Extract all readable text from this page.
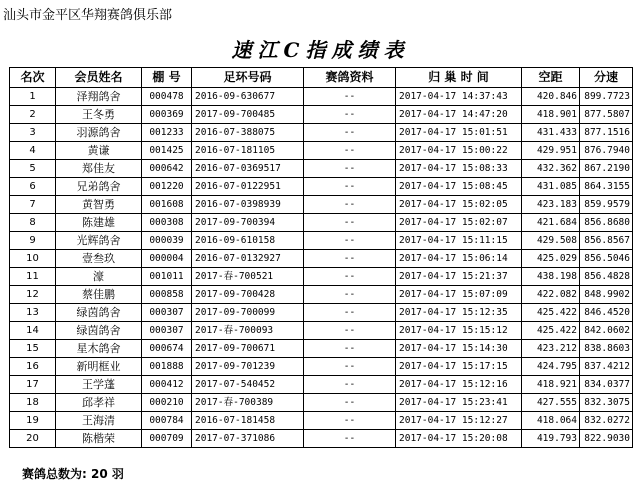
汕头市金平区华翔赛鸽俱乐部
速江C指成绩表
名次	会员姓名	棚 号	足环号码	赛鸽资料	归 巢 时 间	空距	分速
1	泽翔鸽舍	000478	2016-09-630677	--	2017-04-17 14:37:43	420.846	899.7723
2	王冬勇	000369	2017-09-700485	--	2017-04-17 14:47:20	418.901	877.5807
3	羽源鸽舍	001233	2016-07-388075	--	2017-04-17 15:01:51	431.433	877.1516
4	黄谦	001425	2016-07-181105	--	2017-04-17 15:00:22	429.951	876.7940
5	郑佳友	000642	2016-07-0369517	--	2017-04-17 15:08:33	432.362	867.2190
6	兄弟鸽舍	001220	2016-07-0122951	--	2017-04-17 15:08:45	431.085	864.3155
7	黄智勇	001608	2016-07-0398939	--	2017-04-17 15:02:05	423.183	859.9579
8	陈建雄	000308	2017-09-700394	--	2017-04-17 15:02:07	421.684	856.8680
9	光辉鸽舍	000039	2016-09-610158	--	2017-04-17 15:11:15	429.508	856.8567
10	壹叁玖	000004	2016-07-0132927	--	2017-04-17 15:06:14	425.029	856.5046
11	濠	001011	2017-春-700521	--	2017-04-17 15:21:37	438.198	856.4828
12	蔡佳鹏	000858	2017-09-700428	--	2017-04-17 15:07:09	422.082	848.9902
13	绿茵鸽舍	000307	2017-09-700099	--	2017-04-17 15:12:35	425.422	846.4520
14	绿茵鸽舍	000307	2017-春-700093	--	2017-04-17 15:15:12	425.422	842.0602
15	星木鸽舍	000674	2017-09-700671	--	2017-04-17 15:14:30	423.212	838.8603
16	新明框业	001888	2017-09-701239	--	2017-04-17 15:17:15	424.795	837.4212
17	王学蓬	000412	2017-07-540452	--	2017-04-17 15:12:16	418.921	834.0377
18	邱孝祥	000210	2017-春-700389	--	2017-04-17 15:23:41	427.555	832.3075
19	王海清	000784	2016-07-181458	--	2017-04-17 15:12:27	418.064	832.0272
20	陈楷荣	000709	2017-07-371086	--	2017-04-17 15:20:08	419.793	822.9030
赛鸽总数为: 20 羽
